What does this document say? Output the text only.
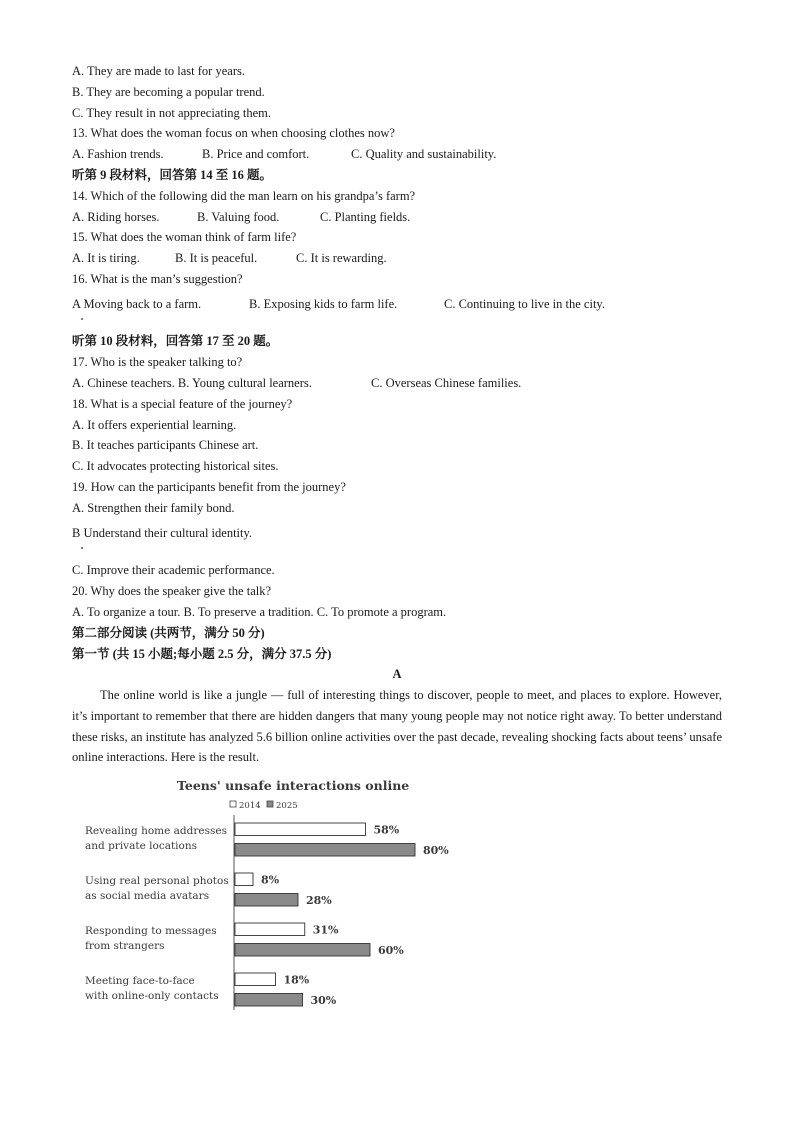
A. They are made to last for years.
B. They are becoming a popular trend.
C. They result in not appreciating them.
13. What does the woman focus on when choosing clothes now?
A. Fashion trends.	B. Price and comfort.	C. Quality and sustainability.
听第 9 段材料，回答第 14 至 16 题。
14. Which of the following did the man learn on his grandpa’s farm?
A. Riding horses.	B. Valuing food.	C. Planting fields.
15. What does the woman think of farm life?
A. It is tiring.	B. It is peaceful.	C. It is rewarding.
16. What is the man’s suggestion?
A Moving back to a farm.	B. Exposing kids to farm life.	C. Continuing to live in the city.
听第 10 段材料，回答第 17 至 20 题。
17. Who is the speaker talking to?
A. Chinese teachers. B. Young cultural learners.	C. Overseas Chinese families.
18. What is a special feature of the journey?
A. It offers experiential learning.
B. It teaches participants Chinese art.
C. It advocates protecting historical sites.
19. How can the participants benefit from the journey?
A. Strengthen their family bond.
B Understand their cultural identity.
C. Improve their academic performance.
20. Why does the speaker give the talk?
A. To organize a tour. B. To preserve a tradition. C. To promote a program.
第二部分阅读 (共两节，满分 50 分)
第一节 (共 15 小题;每小题 2.5 分，满分 37.5 分)
A
The online world is like a jungle — full of interesting things to discover, people to meet, and places to explore. However, it’s important to remember that there are hidden dangers that many young people may not notice right away. To better understand these risks, an institute has analyzed 5.6 billion online activities over the past decade, revealing shocking facts about teens’ unsafe online interactions. Here is the result.
Teens' unsafe interactions online
2014 2025
Revealing home addresses
and private locations
58%
80%
Using real personal photos
as social media avatars
8%
28%
Responding to messages
from strangers
31%
60%
Meeting face-to-face
with online-only contacts
18%
30%
